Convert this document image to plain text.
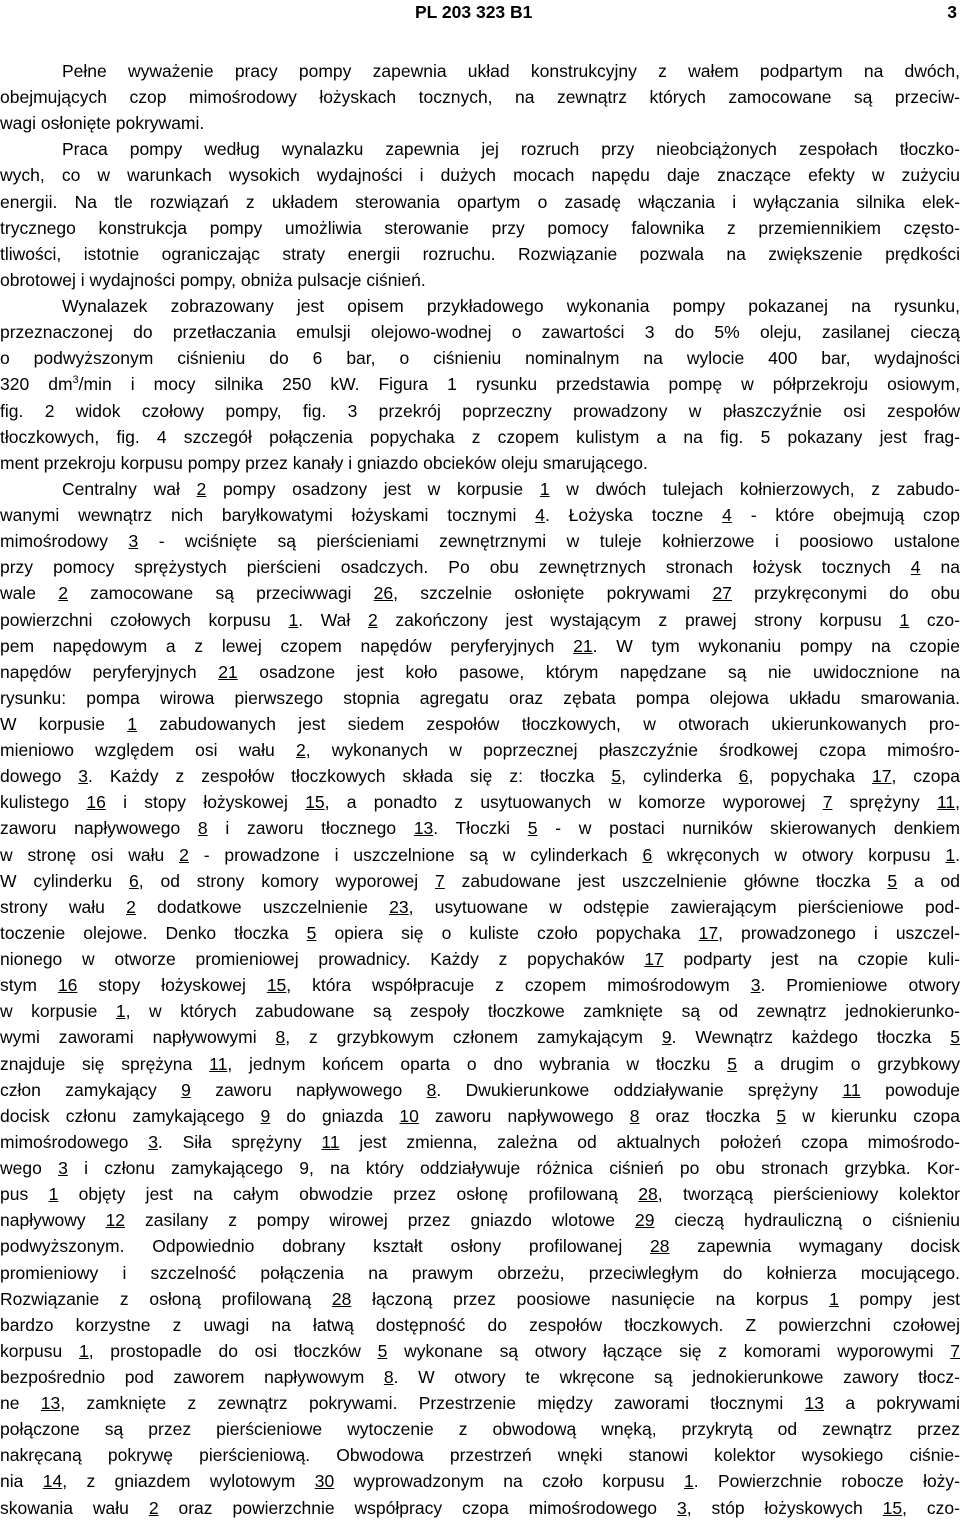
PL 203 323 B1	3
Pełne wyważenie pracy pompy zapewnia układ konstrukcyjny z wałem podpartym na dwóch,
obejmujących czop mimośrodowy łożyskach tocznych, na zewnątrz których zamocowane są przeciw-
wagi osłonięte pokrywami.
Praca pompy według wynalazku zapewnia jej rozruch przy nieobciążonych zespołach tłoczko-
wych, co w warunkach wysokich wydajności i dużych mocach napędu daje znaczące efekty w zużyciu
energii. Na tle rozwiązań z układem sterowania opartym o zasadę włączania i wyłączania silnika elek-
trycznego konstrukcja pompy umożliwia sterowanie przy pomocy falownika z przemiennikiem często-
tliwości, istotnie ograniczając straty energii rozruchu. Rozwiązanie pozwala na zwiększenie prędkości
obrotowej i wydajności pompy, obniża pulsacje ciśnień.
Wynalazek zobrazowany jest opisem przykładowego wykonania pompy pokazanej na rysunku,
przeznaczonej do przetłaczania emulsji olejowo-wodnej o zawartości 3 do 5% oleju, zasilanej cieczą
o podwyższonym ciśnieniu do 6 bar, o ciśnieniu nominalnym na wylocie 400 bar, wydajności
320 $dm^3/\min$ i mocy silnika 250 kW. Figura 1 rysunku przedstawia pompę w półprzekroju osiowym,
fig. 2 widok czołowy pompy, fig. 3 przekrój poprzeczny prowadzony w płaszczyźnie osi zespołów
tłoczkowych, fig. 4 szczegół połączenia popychaka z czopem kulistym a na fig. 5 pokazany jest frag-
ment przekroju korpusu pompy przez kanały i gniazdo obcieków oleju smarującego.
Centralny wał 2 pompy osadzony jest w korpusie 1 w dwóch tulejach kołnierzowych, z zabudo-
wanymi wewnątrz nich baryłkowatymi łożyskami tocznymi 4. Łożyska toczne 4 - które obejmują czop
mimośrodowy 3 - wciśnięte są pierścieniami zewnętrznymi w tuleje kołnierzowe i poosiowo ustalone
przy pomocy sprężystych pierścieni osadczych. Po obu zewnętrznych stronach łożysk tocznych 4 na
wale 2 zamocowane są przeciwwagi 26, szczelnie osłonięte pokrywami 27 przykręconymi do obu
powierzchni czołowych korpusu 1. Wał 2 zakończony jest wystającym z prawej strony korpusu 1 czo-
pem napędowym a z lewej czopem napędów peryferyjnych 21. W tym wykonaniu pompy na czopie
napędów peryferyjnych 21 osadzone jest koło pasowe, którym napędzane są nie uwidocznione na
rysunku: pompa wirowa pierwszego stopnia agregatu oraz zębata pompa olejowa układu smarowania.
W korpusie 1 zabudowanych jest siedem zespołów tłoczkowych, w otworach ukierunkowanych pro-
mieniowo względem osi wału 2, wykonanych w poprzecznej płaszczyźnie środkowej czopa mimośro-
dowego 3. Każdy z zespołów tłoczkowych składa się z: tłoczka 5, cylinderka 6, popychaka 17, czopa
kulistego 16 i stopy łożyskowej 15, a ponadto z usytuowanych w komorze wyporowej 7 sprężyny 11,
zaworu napływowego 8 i zaworu tłocznego 13. Tłoczki 5 - w postaci nurników skierowanych denkiem
w stronę osi wału 2 - prowadzone i uszczelnione są w cylinderkach 6 wkręconych w otwory korpusu 1.
W cylinderku 6, od strony komory wyporowej 7 zabudowane jest uszczelnienie główne tłoczka 5 a od
strony wału 2 dodatkowe uszczelnienie 23, usytuowane w odstępie zawierającym pierścieniowe pod-
toczenie olejowe. Denko tłoczka 5 opiera się o kuliste czoło popychaka 17, prowadzonego i uszczel-
nionego w otworze promieniowej prowadnicy. Każdy z popychaków 17 podparty jest na czopie kuli-
stym 16 stopy łożyskowej 15, która współpracuje z czopem mimośrodowym 3. Promieniowe otwory
w korpusie 1, w których zabudowane są zespoły tłoczkowe zamknięte są od zewnątrz jednokierunko-
wymi zaworami napływowymi 8, z grzybkowym członem zamykającym 9. Wewnątrz każdego tłoczka 5
znajduje się sprężyna 11, jednym końcem oparta o dno wybrania w tłoczku 5 a drugim o grzybkowy
człon zamykający 9 zaworu napływowego 8. Dwukierunkowe oddziaływanie sprężyny 11 powoduje
docisk członu zamykającego 9 do gniazda 10 zaworu napływowego 8 oraz tłoczka 5 w kierunku czopa
mimośrodowego 3. Siła sprężyny 11 jest zmienna, zależna od aktualnych położeń czopa mimośrodo-
wego 3 i członu zamykającego 9, na który oddziaływuje różnica ciśnień po obu stronach grzybka. Kor-
pus 1 objęty jest na całym obwodzie przez osłonę profilowaną 28, tworzącą pierścieniowy kolektor
napływowy 12 zasilany z pompy wirowej przez gniazdo wlotowe 29 cieczą hydrauliczną o ciśnieniu
podwyższonym. Odpowiednio dobrany kształt osłony profilowanej 28 zapewnia wymagany docisk
promieniowy i szczelność połączenia na prawym obrzeżu, przeciwległym do kołnierza mocującego.
Rozwiązanie z osłoną profilowaną 28 łączoną przez poosiowe nasunięcie na korpus 1 pompy jest
bardzo korzystne z uwagi na łatwą dostępność do zespołów tłoczkowych. Z powierzchni czołowej
korpusu 1, prostopadle do osi tłoczków 5 wykonane są otwory łączące się z komorami wyporowymi 7
bezpośrednio pod zaworem napływowym 8. W otwory te wkręcone są jednokierunkowe zawory tłocz-
ne 13, zamknięte z zewnątrz pokrywami. Przestrzenie między zaworami tłocznymi 13 a pokrywami
połączone są przez pierścieniowe wytoczenie z obwodową wnęką, przykrytą od zewnątrz przez
nakręcaną pokrywę pierścieniową. Obwodowa przestrzeń wnęki stanowi kolektor wysokiego ciśnie-
nia 14, z gniazdem wylotowym 30 wyprowadzonym na czoło korpusu 1. Powierzchnie robocze łoży-
skowania wału 2 oraz powierzchnie współpracy czopa mimośrodowego 3, stóp łożyskowych 15, czo-
